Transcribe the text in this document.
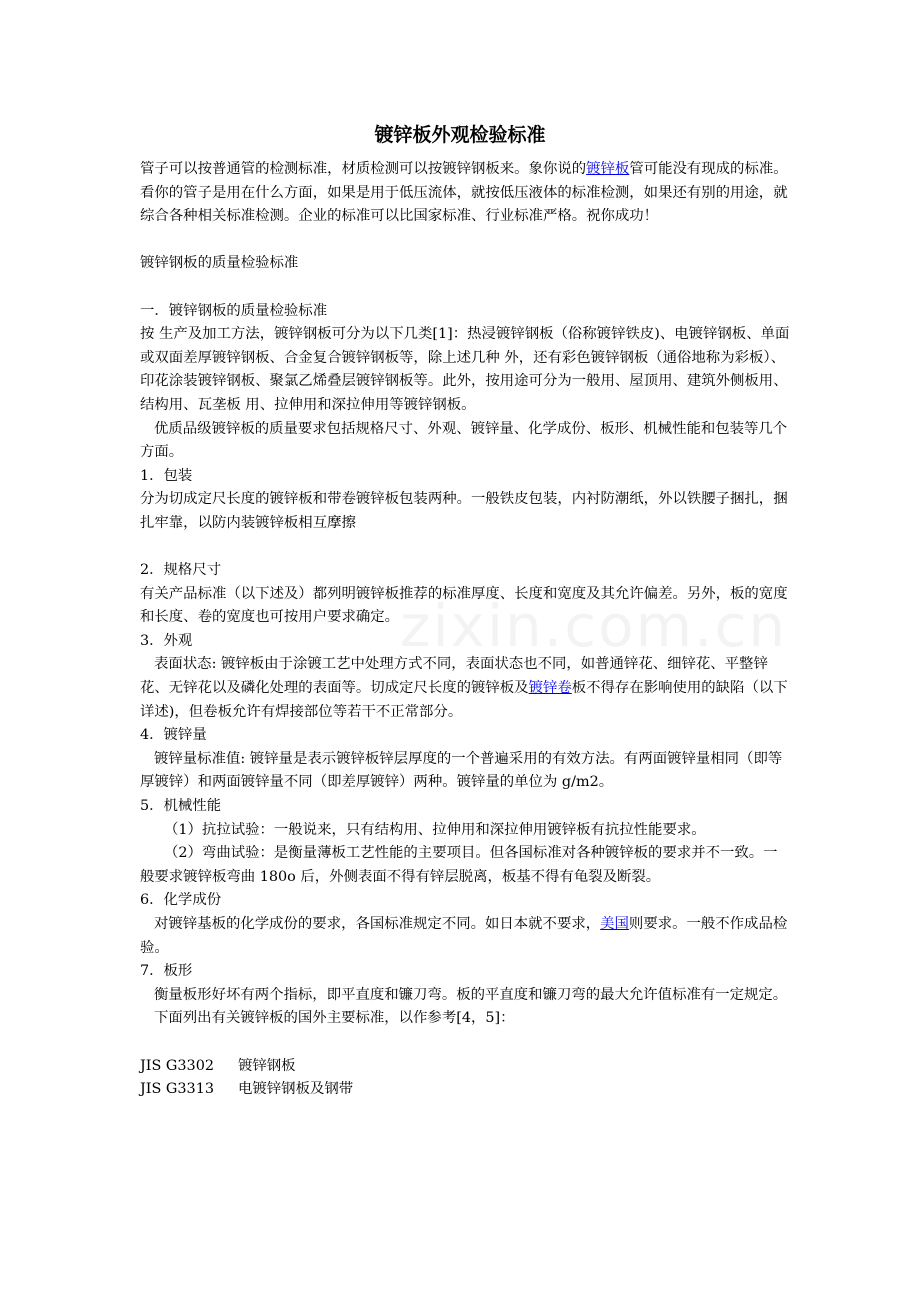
镀锌板外观检验标准

管子可以按普通管的检测标准，材质检测可以按镀锌钢板来。象你说的镀锌板管可能没有现成的标准。

看你的管子是用在什么方面，如果是用于低压流体，就按低压液体的标准检测，如果还有别的用途，就综合各种相关标准检测。企业的标准可以比国家标准、行业标准严格。祝你成功！

镀锌钢板的质量检验标准

一．镀锌钢板的质量检验标准

按 生产及加工方法，镀锌钢板可分为以下几类[1]：热浸镀锌钢板（俗称镀锌铁皮)、电镀锌钢板、单面或双面差厚镀锌钢板、合金复合镀锌钢板等，除上述几种 外，还有彩色镀锌钢板（通俗地称为彩板）、印花涂装镀锌钢板、聚氯乙烯叠层镀锌钢板等。此外，按用途可分为一般用、屋顶用、建筑外侧板用、结构用、瓦垄板 用、拉伸用和深拉伸用等镀锌钢板。

优质品级镀锌板的质量要求包括规格尺寸、外观、镀锌量、化学成份、板形、机械性能和包装等几个方面。

1．包装

分为切成定尺长度的镀锌板和带卷镀锌板包装两种。一般铁皮包装，内衬防潮纸，外以铁腰子捆扎，捆扎牢靠，以防内装镀锌板相互摩擦

2．规格尺寸

有关产品标准（以下述及）都列明镀锌板推荐的标准厚度、长度和宽度及其允许偏差。另外，板的宽度和长度、卷的宽度也可按用户要求确定。

3．外观

表面状态: 镀锌板由于涂镀工艺中处理方式不同，表面状态也不同，如普通锌花、细锌花、平整锌花、无锌花以及磷化处理的表面等。切成定尺长度的镀锌板及镀锌卷板不得存在影响使用的缺陷（以下详述)，但卷板允许有焊接部位等若干不正常部分。

4．镀锌量

镀锌量标准值: 镀锌量是表示镀锌板锌层厚度的一个普遍采用的有效方法。有两面镀锌量相同（即等厚镀锌）和两面镀锌量不同（即差厚镀锌）两种。镀锌量的单位为 g/m2。

5．机械性能

（1）抗拉试验：一般说来，只有结构用、拉伸用和深拉伸用镀锌板有抗拉性能要求。

（2）弯曲试验：是衡量薄板工艺性能的主要项目。但各国标准对各种镀锌板的要求并不一致。一般要求镀锌板弯曲 180o 后，外侧表面不得有锌层脱离，板基不得有龟裂及断裂。

6．化学成份

对镀锌基板的化学成份的要求，各国标准规定不同。如日本就不要求，美国则要求。一般不作成品检验。

7．板形

衡量板形好坏有两个指标，即平直度和镰刀弯。板的平直度和镰刀弯的最大允许值标准有一定规定。

下面列出有关镀锌板的国外主要标准，以作参考[4，5]：

JIS G3302 镀锌钢板

JIS G3313 电镀锌钢板及钢带
